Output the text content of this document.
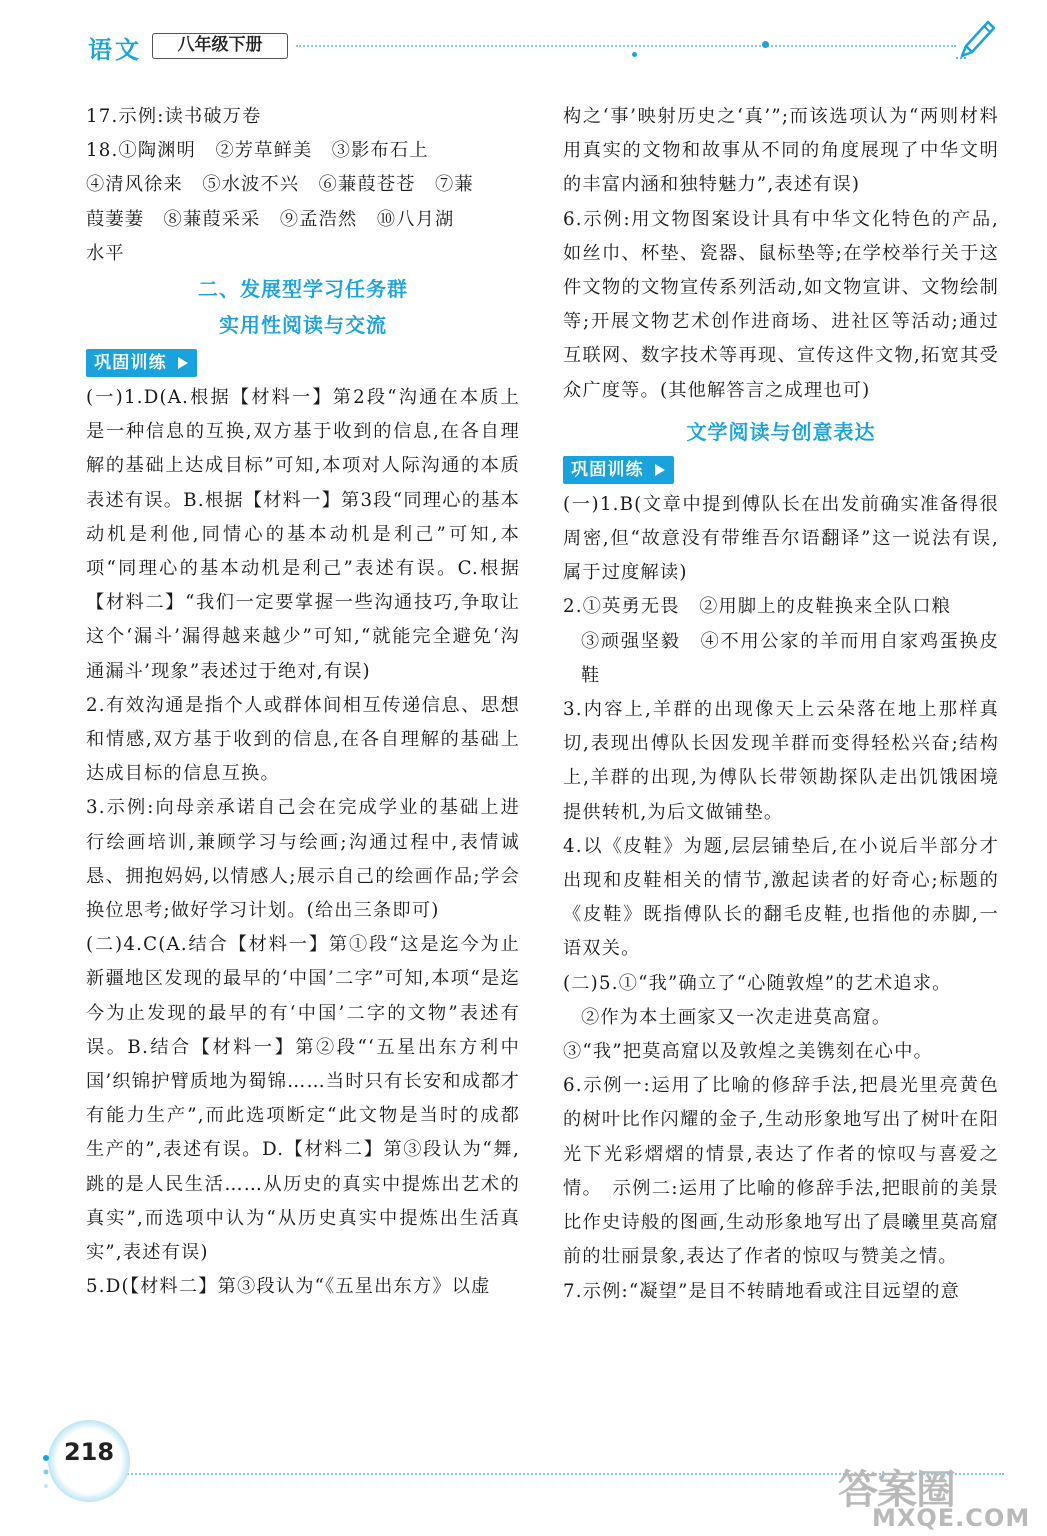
语文	八年级下册

17.示例:读书破万卷

18.①陶渊明　②芳草鲜美　③影布石上

④清风徐来　⑤水波不兴　⑥蒹葭苍苍　⑦蒹

葭萋萋　⑧蒹葭采采　⑨孟浩然　⑩八月湖

水平

二、发展型学习任务群
实用性阅读与交流
巩固训练

(一)1.D(A.根据【材料一】第2段“沟通在本质上是一种信息的互换,双方基于收到的信息,在各自理解的基础上达成目标”可知,本项对人际沟通的本质表述有误。B.根据【材料一】第3段“同理心的基本动机是利他,同情心的基本动机是利己”可知,本项“同理心的基本动机是利己”表述有误。C.根据【材料二】“我们一定要掌握一些沟通技巧,争取让这个‘漏斗’漏得越来越少”可知,“就能完全避免‘沟通漏斗’现象”表述过于绝对,有误)

2.有效沟通是指个人或群体间相互传递信息、思想和情感,双方基于收到的信息,在各自理解的基础上达成目标的信息互换。

3.示例:向母亲承诺自己会在完成学业的基础上进行绘画培训,兼顾学习与绘画;沟通过程中,表情诚恳、拥抱妈妈,以情感人;展示自己的绘画作品;学会换位思考;做好学习计划。(给出三条即可)

(二)4.C(A.结合【材料一】第①段“这是迄今为止新疆地区发现的最早的‘中国’二字”可知,本项“是迄今为止发现的最早的有‘中国’二字的文物”表述有误。B.结合【材料一】第②段“‘五星出东方利中国’织锦护臂质地为蜀锦……当时只有长安和成都才有能力生产”,而此选项断定“此文物是当时的成都生产的”,表述有误。D.【材料二】第③段认为“舞,跳的是人民生活……从历史的真实中提炼出艺术的真实”,而选项中认为“从历史真实中提炼出生活真实”,表述有误)

5.D(【材料二】第③段认为“《五星出东方》以虚

构之‘事’映射历史之‘真’”;而该选项认为“两则材料用真实的文物和故事从不同的角度展现了中华文明的丰富内涵和独特魅力”,表述有误)

6.示例:用文物图案设计具有中华文化特色的产品,如丝巾、杯垫、瓷器、鼠标垫等;在学校举行关于这件文物的文物宣传系列活动,如文物宣讲、文物绘制等;开展文物艺术创作进商场、进社区等活动;通过互联网、数字技术等再现、宣传这件文物,拓宽其受众广度等。(其他解答言之成理也可)

文学阅读与创意表达
巩固训练

(一)1.B(文章中提到傅队长在出发前确实准备得很周密,但“故意没有带维吾尔语翻译”这一说法有误,属于过度解读)

2.①英勇无畏　②用脚上的皮鞋换来全队口粮

③顽强坚毅　④不用公家的羊而用自家鸡蛋换皮鞋

3.内容上,羊群的出现像天上云朵落在地上那样真切,表现出傅队长因发现羊群而变得轻松兴奋;结构上,羊群的出现,为傅队长带领勘探队走出饥饿困境提供转机,为后文做铺垫。

4.以《皮鞋》为题,层层铺垫后,在小说后半部分才出现和皮鞋相关的情节,激起读者的好奇心;标题的《皮鞋》既指傅队长的翻毛皮鞋,也指他的赤脚,一语双关。

(二)5.①“我”确立了“心随敦煌”的艺术追求。

②作为本土画家又一次走进莫高窟。

③“我”把莫高窟以及敦煌之美镌刻在心中。

6.示例一:运用了比喻的修辞手法,把晨光里亮黄色的树叶比作闪耀的金子,生动形象地写出了树叶在阳光下光彩熠熠的情景,表达了作者的惊叹与喜爱之情。　示例二:运用了比喻的修辞手法,把眼前的美景比作史诗般的图画,生动形象地写出了晨曦里莫高窟前的壮丽景象,表达了作者的惊叹与赞美之情。

7.示例:“凝望”是目不转睛地看或注目远望的意

218
答案圈
MXQE.COM
